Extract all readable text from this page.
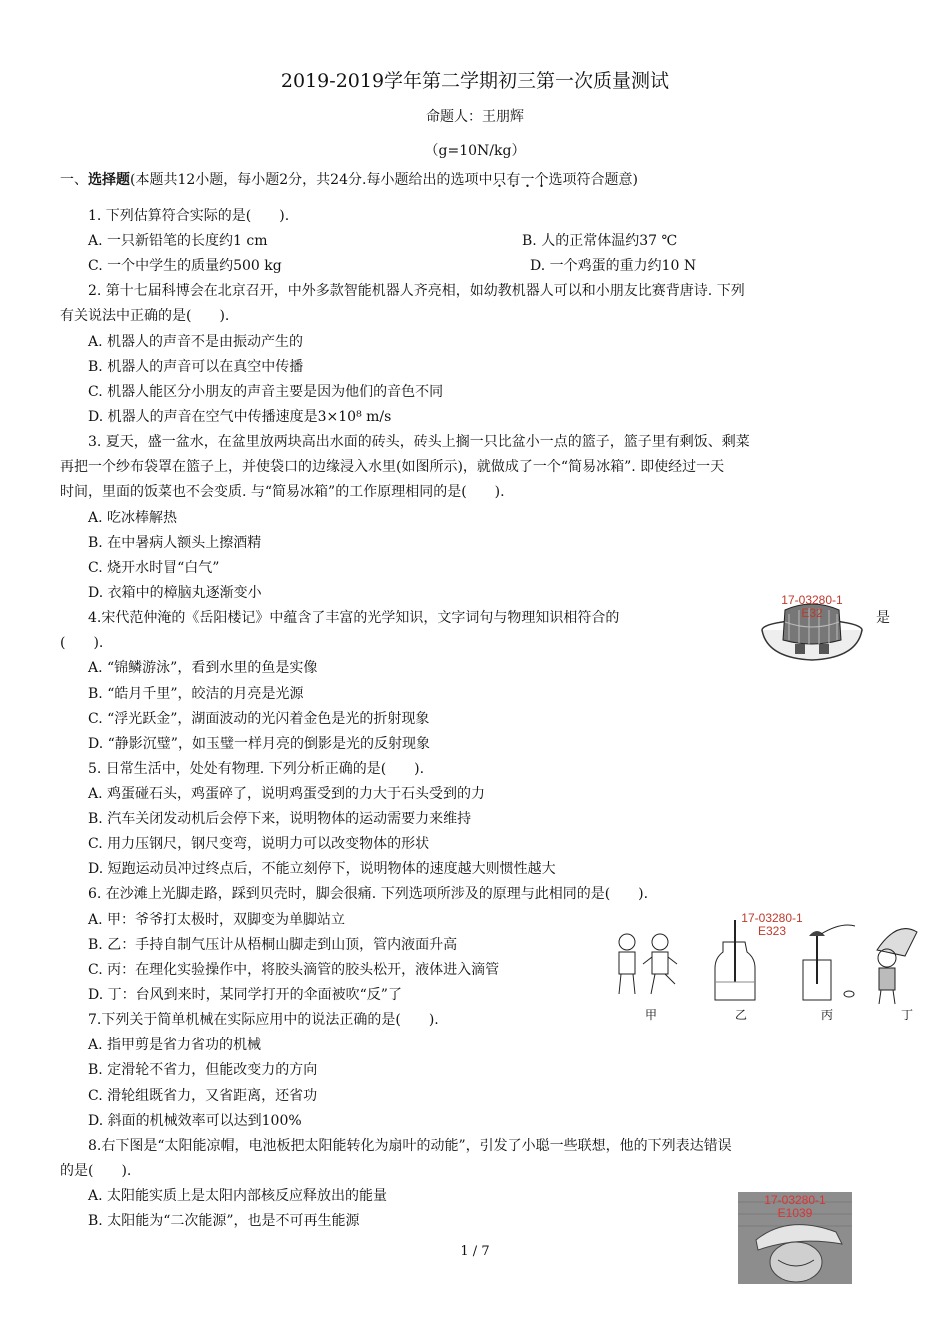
2019-2019学年第二学期初三第一次质量测试
命题人：王朋辉
（g=10N/kg）
一、选择题(本题共12小题，每小题2分，共24分.每小题给出的选项中只有一个选项符合题意)
1. 下列估算符合实际的是(　　).
A. 一只新铅笔的长度约1 cm	B. 人的正常体温约37 ℃
C. 一个中学生的质量约500 kg	D. 一个鸡蛋的重力约10 N
2. 第十七届科博会在北京召开，中外多款智能机器人齐亮相，如幼教机器人可以和小朋友比赛背唐诗. 下列
有关说法中正确的是(　　).
A. 机器人的声音不是由振动产生的
B. 机器人的声音可以在真空中传播
C. 机器人能区分小朋友的声音主要是因为他们的音色不同
D. 机器人的声音在空气中传播速度是3×10⁸ m/s
3. 夏天，盛一盆水，在盆里放两块高出水面的砖头，砖头上搁一只比盆小一点的篮子，篮子里有剩饭、剩菜
再把一个纱布袋罩在篮子上，并使袋口的边缘浸入水里(如图所示)，就做成了一个“简易冰箱”. 即使经过一天
时间，里面的饭菜也不会变质. 与“简易冰箱”的工作原理相同的是(　　).
A. 吃冰棒解热
B. 在中暑病人额头上擦酒精
C. 烧开水时冒“白气”
D. 衣箱中的樟脑丸逐渐变小
4.宋代范仲淹的《岳阳楼记》中蕴含了丰富的光学知识，文字词句与物理知识相符合的	是
(　　).
A. “锦鳞游泳”，看到水里的鱼是实像
B. “皓月千里”，皎洁的月亮是光源
C. “浮光跃金”，湖面波动的光闪着金色是光的折射现象
D. “静影沉璧”，如玉璧一样月亮的倒影是光的反射现象
5. 日常生活中，处处有物理. 下列分析正确的是(　　).
A. 鸡蛋碰石头，鸡蛋碎了，说明鸡蛋受到的力大于石头受到的力
B. 汽车关闭发动机后会停下来，说明物体的运动需要力来维持
C. 用力压钢尺，钢尺变弯，说明力可以改变物体的形状
D. 短跑运动员冲过终点后，不能立刻停下，说明物体的速度越大则惯性越大
6. 在沙滩上光脚走路，踩到贝壳时，脚会很痛. 下列选项所涉及的原理与此相同的是(　　).
A. 甲：爷爷打太极时，双脚变为单脚站立
B. 乙：手持自制气压计从梧桐山脚走到山顶，管内液面升高
C. 丙：在理化实验操作中，将胶头滴管的胶头松开，液体进入滴管
D. 丁：台风到来时，某同学打开的伞面被吹“反”了
7.下列关于简单机械在实际应用中的说法正确的是(　　).
A. 指甲剪是省力省功的机械
B. 定滑轮不省力，但能改变力的方向
C. 滑轮组既省力，又省距离，还省功
D. 斜面的机械效率可以达到100%
8.右下图是“太阳能凉帽，电池板把太阳能转化为扇叶的动能”，引发了小聪一些联想，他的下列表达错误
的是(　　).
A. 太阳能实质上是太阳内部核反应释放出的能量
B. 太阳能为“二次能源”，也是不可再生能源
17-03280-1
E32
17-03280-1
E323
甲	乙	丙	丁
17-03280-1
E1039
1 / 7
